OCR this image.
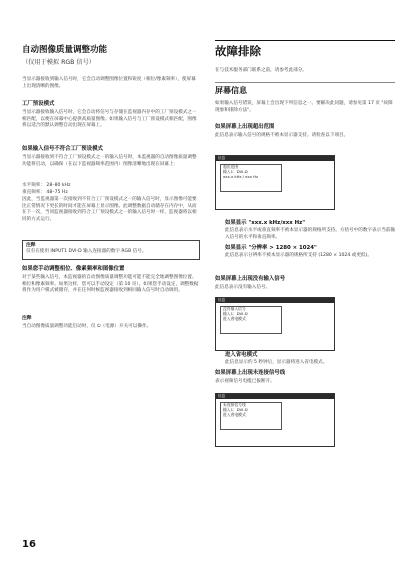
自动图像质量调整功能

（仅用于模拟 RGB 信号）

当显示器接收到输入信号时，它会自动调整图像位置和锐度（相位/像素频率），使屏幕上出现清晰的图像。

工厂预设模式

当显示器接收输入信号时，它会自动将信号与存储在监视器内存中的工厂预设模式之一相匹配，以便在屏幕中心提供高质量图像。如果输入信号与工厂预设模式相匹配，图像将以适合的默认调整自动出现在屏幕上。

如果输入信号不符合工厂预设模式

当显示器接收到不符合工厂预设模式之一的输入信号时，本监视器的自动图像质量调整功能将启动，以确保（在以下监视器频率范围内）图像清晰地出现在屏幕上：

水平频率： 28–80 kHz

垂直频率： 48–75 Hz

因此，当监视器第一次接收到不符合工厂预设模式之一的输入信号时，显示图像可能要比正常情况下更长的时间才能在屏幕上显示图像。此调整数据自动储存在内存中，从而在下一次，当同监视器接收到符合工厂预设模式之一的输入信号时一样，监视器将以相同的方式运行。

注释

仅有在使用 INPUT1 DVI-D 输入连接器的数字 RGB 信号。

如果您手动调整相位、像素频率和图像位置

对于某些输入信号，本监视器的自动图像质量调整功能可能不能完全地调整图像位置、相位和像素频率。如果这样，您可以手动设定（第 10 页）。如果您手动设定，调整数据将作为用户模式被储存，并在任何时候监视器接收到相同输入信号时自动调用。

注释

当自动图像质量调整功能启动时，仅 ⏻（电源）开关可以操作。

故障排除

在与技术服务部门联系之前，请参考此部分。

屏幕信息

如果输入信号错误，屏幕上会出现下列信息之一。要解决此问题，请参见第 17 页 "故障现象和排除方法"。

如果屏幕上出现超出范围

此信息表示输入信号的规格不被本显示器支持。请检查以下项目。

信息
超出范围
输入1：DVI-D
xxx.x kHz / xxx Hz

如果显示 "xxx.x kHz/xxx Hz"

此信息表示水平或垂直频率不被本显示器的规格所支持。方括号中的数字表示当前输入信号的水平和垂直频率。

如果显示 "分辨率 > 1280 × 1024"

此信息表示分辨率不被本显示器的规格所支持 (1280 × 1024 或更低)。

如果屏幕上出现没有输入信号

此信息表示没有输入信号。

信息
没有输入信号
输入1：DVI-D
进入省电模式

进入省电模式

此信息显示约 5 秒钟后，显示器将进入省电模式。

如果屏幕上出现未连接信号线

表示视频信号电缆已拔断开。

信息
未连接信号线
输入1：DVI-D
进入省电模式
16
